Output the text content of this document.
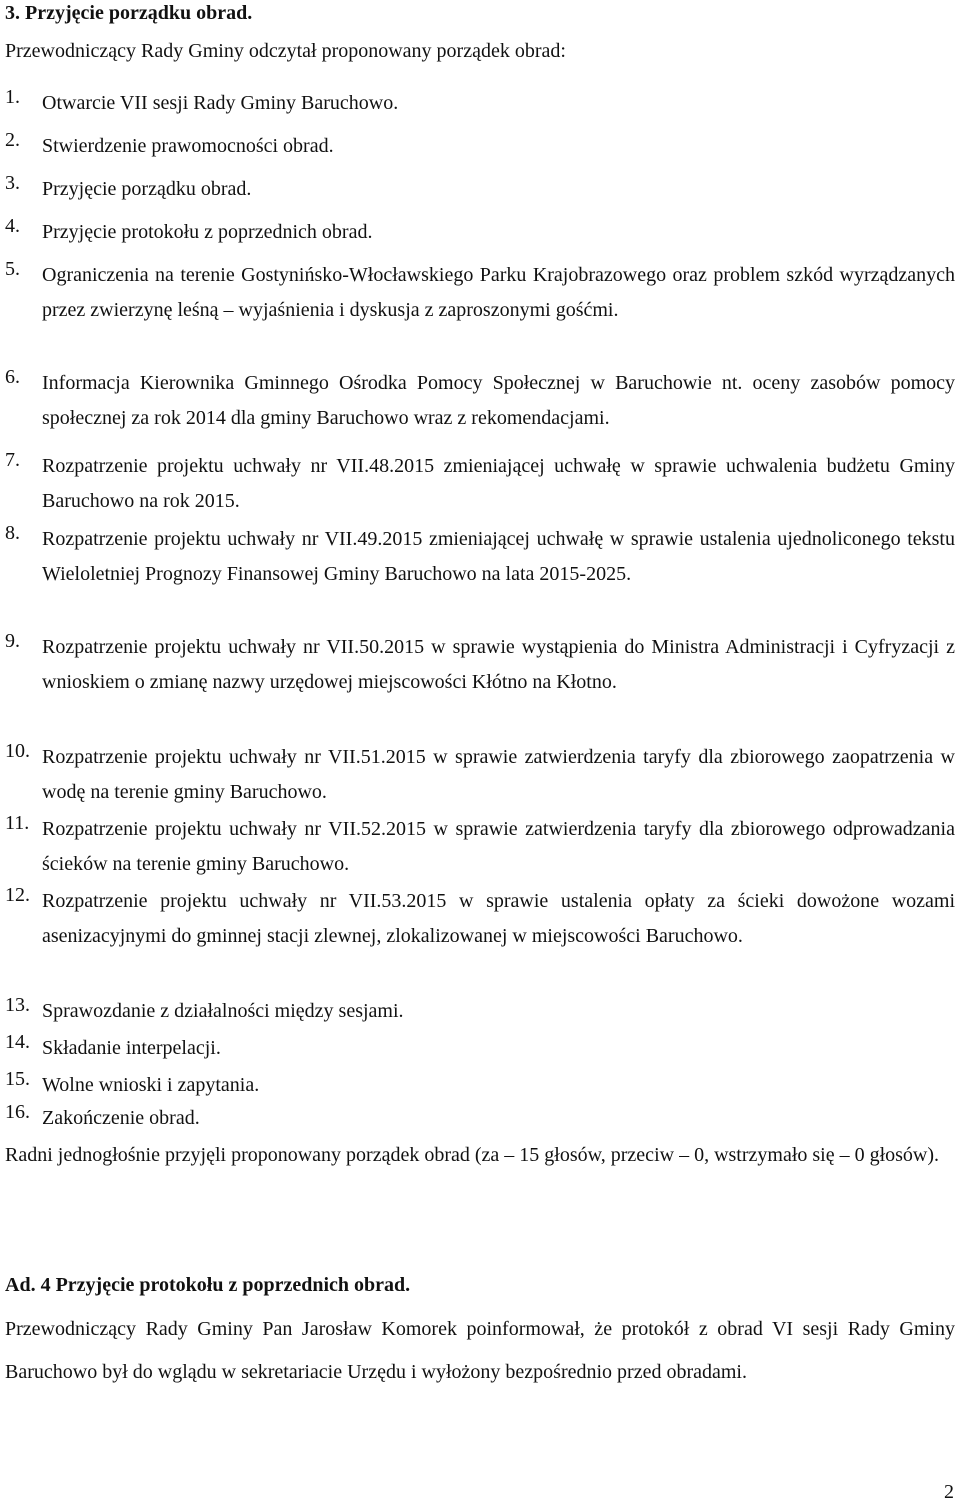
3. Przyjęcie porządku obrad.
Przewodniczący Rady Gminy odczytał proponowany porządek obrad:
1. Otwarcie VII sesji Rady Gminy Baruchowo.
2. Stwierdzenie prawomocności obrad.
3. Przyjęcie porządku obrad.
4. Przyjęcie protokołu z poprzednich obrad.
5. Ograniczenia na terenie Gostynińsko-Włocławskiego Parku Krajobrazowego oraz problem szkód wyrządzanych przez zwierzynę leśną – wyjaśnienia i dyskusja z zaproszonymi gośćmi.
6. Informacja Kierownika Gminnego Ośrodka Pomocy Społecznej w Baruchowie nt. oceny zasobów pomocy społecznej za rok 2014 dla gminy Baruchowo wraz z rekomendacjami.
7. Rozpatrzenie projektu uchwały nr VII.48.2015 zmieniającej uchwałę w sprawie uchwalenia budżetu Gminy Baruchowo na rok 2015.
8. Rozpatrzenie projektu uchwały nr VII.49.2015 zmieniającej uchwałę w sprawie ustalenia ujednoliconego tekstu Wieloletniej Prognozy Finansowej Gminy Baruchowo na lata 2015-2025.
9. Rozpatrzenie projektu uchwały nr VII.50.2015 w sprawie wystąpienia do Ministra Administracji i Cyfryzacji z wnioskiem o zmianę nazwy urzędowej miejscowości Kłótno na Kłotno.
10. Rozpatrzenie projektu uchwały nr VII.51.2015 w sprawie zatwierdzenia taryfy dla zbiorowego zaopatrzenia w wodę na terenie gminy Baruchowo.
11. Rozpatrzenie projektu uchwały nr VII.52.2015 w sprawie zatwierdzenia taryfy dla zbiorowego odprowadzania ścieków na terenie gminy Baruchowo.
12. Rozpatrzenie projektu uchwały nr VII.53.2015 w sprawie ustalenia opłaty za ścieki dowożone wozami asenizacyjnymi do gminnej stacji zlewnej, zlokalizowanej w miejscowości Baruchowo.
13. Sprawozdanie z działalności między sesjami.
14. Składanie interpelacji.
15. Wolne wnioski i zapytania.
16. Zakończenie obrad.
Radni jednogłośnie przyjęli proponowany porządek obrad (za – 15 głosów, przeciw – 0, wstrzymało się – 0 głosów).
Ad. 4 Przyjęcie protokołu z poprzednich obrad.
Przewodniczący Rady Gminy Pan Jarosław Komorek poinformował, że protokół z obrad VI sesji Rady Gminy Baruchowo był do wglądu w sekretariacie Urzędu i wyłożony bezpośrednio przed obradami.
2
